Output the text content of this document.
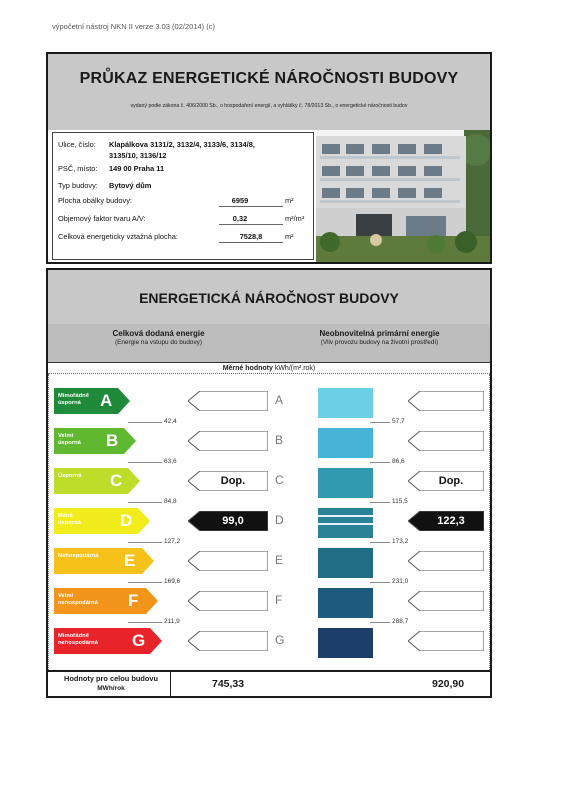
výpočetní nástroj NKN II verze 3.03 (02/2014) (c)
PRŮKAZ ENERGETICKÉ NÁROČNOSTI BUDOVY
vydaný podle zákona č. 406/2000 Sb., o hospodaření energií, a vyhlášky č. 78/2013 Sb., o energetické náročnosti budov
Ulice, číslo: Klapálkova 3131/2, 3132/4, 3133/6, 3134/8,
3135/10, 3136/12
PSČ, místo: 149 00 Praha 11
Typ budovy: Bytový dům
Plocha obálky budovy:	6959	m²
Objemový faktor tvaru A/V:	0,32	m²/m³
Celková energeticky vztažná plocha:	7528,8	m²
ENERGETICKÁ NÁROČNOST BUDOVY
Celková dodaná energie
(Energie na vstupu do budovy)
Neobnovitelná primární energie
(Vliv provozu budovy na životní prostředí)
Měrné hodnoty kWh/(m².rok)
Mimořádně
úsporná	A
42,4
A
57,7
Velmi
úsporná B
63,6
B
86,6
Úsporná C
84,8
Dop.	C
115,5
Dop.
Méně
úsporná D
127,2
99,0	D
173,2
122,3
Nehospodárná E
169,6
E
231,0
Velmi
nehospodárná F
211,9
F
288,7
Mimořádně
nehospodárná G	G
Hodnoty pro celou budovu
MWh/rok	745,33	920,90
